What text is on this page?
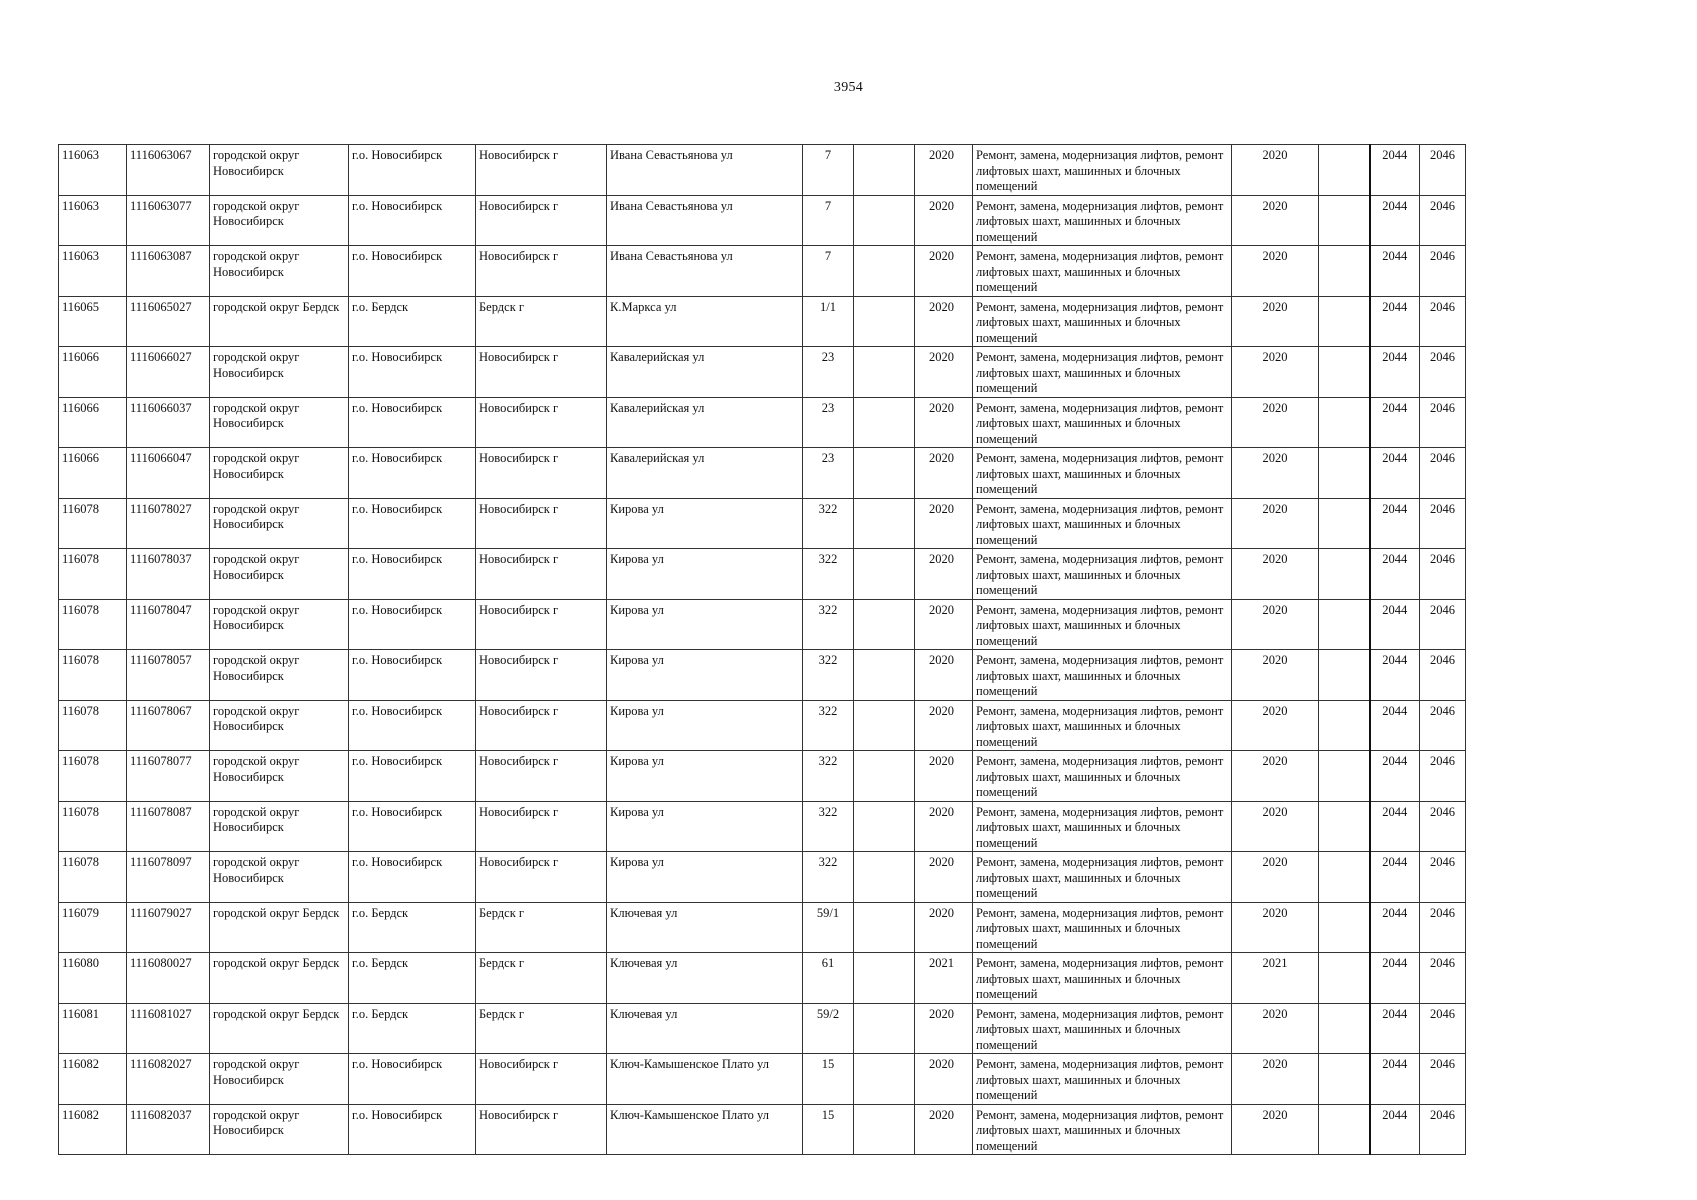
3954
116063	1116063067	городской округ Новосибирск	г.о. Новосибирск	Новосибирск г	Ивана Севастьянова ул	7		2020	Ремонт, замена, модернизация лифтов, ремонт лифтовых шахт, машинных и блочных помещений	2020		2044	2046
116063	1116063077	городской округ Новосибирск	г.о. Новосибирск	Новосибирск г	Ивана Севастьянова ул	7		2020	Ремонт, замена, модернизация лифтов, ремонт лифтовых шахт, машинных и блочных помещений	2020		2044	2046
116063	1116063087	городской округ Новосибирск	г.о. Новосибирск	Новосибирск г	Ивана Севастьянова ул	7		2020	Ремонт, замена, модернизация лифтов, ремонт лифтовых шахт, машинных и блочных помещений	2020		2044	2046
116065	1116065027	городской округ Бердск	г.о. Бердск	Бердск г	К.Маркса ул	1/1		2020	Ремонт, замена, модернизация лифтов, ремонт лифтовых шахт, машинных и блочных помещений	2020		2044	2046
116066	1116066027	городской округ Новосибирск	г.о. Новосибирск	Новосибирск г	Кавалерийская ул	23		2020	Ремонт, замена, модернизация лифтов, ремонт лифтовых шахт, машинных и блочных помещений	2020		2044	2046
116066	1116066037	городской округ Новосибирск	г.о. Новосибирск	Новосибирск г	Кавалерийская ул	23		2020	Ремонт, замена, модернизация лифтов, ремонт лифтовых шахт, машинных и блочных помещений	2020		2044	2046
116066	1116066047	городской округ Новосибирск	г.о. Новосибирск	Новосибирск г	Кавалерийская ул	23		2020	Ремонт, замена, модернизация лифтов, ремонт лифтовых шахт, машинных и блочных помещений	2020		2044	2046
116078	1116078027	городской округ Новосибирск	г.о. Новосибирск	Новосибирск г	Кирова ул	322		2020	Ремонт, замена, модернизация лифтов, ремонт лифтовых шахт, машинных и блочных помещений	2020		2044	2046
116078	1116078037	городской округ Новосибирск	г.о. Новосибирск	Новосибирск г	Кирова ул	322		2020	Ремонт, замена, модернизация лифтов, ремонт лифтовых шахт, машинных и блочных помещений	2020		2044	2046
116078	1116078047	городской округ Новосибирск	г.о. Новосибирск	Новосибирск г	Кирова ул	322		2020	Ремонт, замена, модернизация лифтов, ремонт лифтовых шахт, машинных и блочных помещений	2020		2044	2046
116078	1116078057	городской округ Новосибирск	г.о. Новосибирск	Новосибирск г	Кирова ул	322		2020	Ремонт, замена, модернизация лифтов, ремонт лифтовых шахт, машинных и блочных помещений	2020		2044	2046
116078	1116078067	городской округ Новосибирск	г.о. Новосибирск	Новосибирск г	Кирова ул	322		2020	Ремонт, замена, модернизация лифтов, ремонт лифтовых шахт, машинных и блочных помещений	2020		2044	2046
116078	1116078077	городской округ Новосибирск	г.о. Новосибирск	Новосибирск г	Кирова ул	322		2020	Ремонт, замена, модернизация лифтов, ремонт лифтовых шахт, машинных и блочных помещений	2020		2044	2046
116078	1116078087	городской округ Новосибирск	г.о. Новосибирск	Новосибирск г	Кирова ул	322		2020	Ремонт, замена, модернизация лифтов, ремонт лифтовых шахт, машинных и блочных помещений	2020		2044	2046
116078	1116078097	городской округ Новосибирск	г.о. Новосибирск	Новосибирск г	Кирова ул	322		2020	Ремонт, замена, модернизация лифтов, ремонт лифтовых шахт, машинных и блочных помещений	2020		2044	2046
116079	1116079027	городской округ Бердск	г.о. Бердск	Бердск г	Ключевая ул	59/1		2020	Ремонт, замена, модернизация лифтов, ремонт лифтовых шахт, машинных и блочных помещений	2020		2044	2046
116080	1116080027	городской округ Бердск	г.о. Бердск	Бердск г	Ключевая ул	61		2021	Ремонт, замена, модернизация лифтов, ремонт лифтовых шахт, машинных и блочных помещений	2021		2044	2046
116081	1116081027	городской округ Бердск	г.о. Бердск	Бердск г	Ключевая ул	59/2		2020	Ремонт, замена, модернизация лифтов, ремонт лифтовых шахт, машинных и блочных помещений	2020		2044	2046
116082	1116082027	городской округ Новосибирск	г.о. Новосибирск	Новосибирск г	Ключ-Камышенское Плато ул	15		2020	Ремонт, замена, модернизация лифтов, ремонт лифтовых шахт, машинных и блочных помещений	2020		2044	2046
116082	1116082037	городской округ Новосибирск	г.о. Новосибирск	Новосибирск г	Ключ-Камышенское Плато ул	15		2020	Ремонт, замена, модернизация лифтов, ремонт лифтовых шахт, машинных и блочных помещений	2020		2044	2046
